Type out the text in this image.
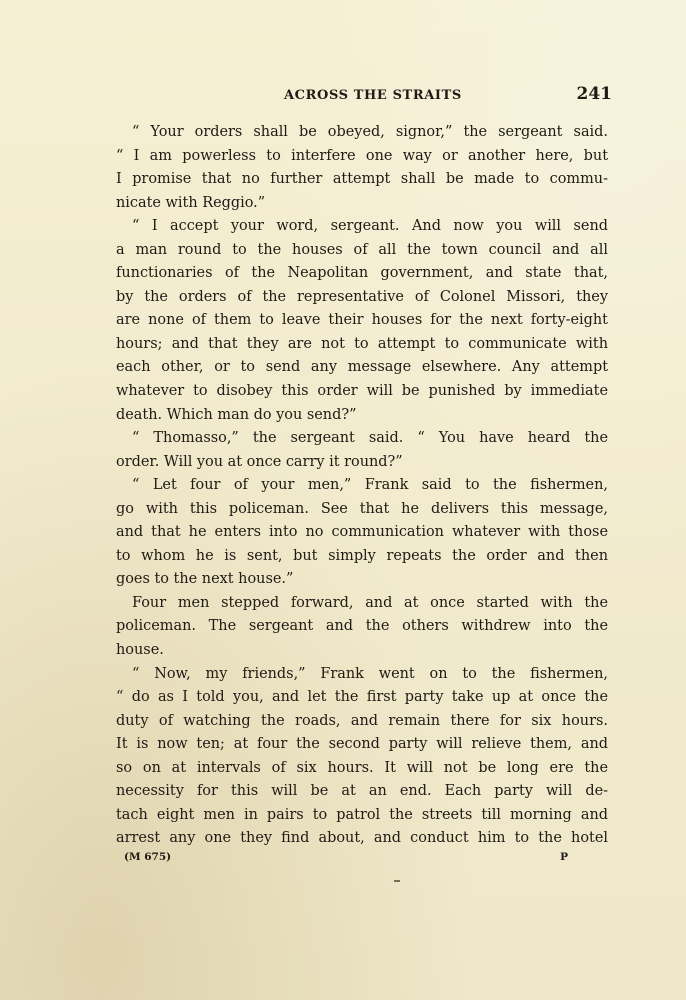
ACROSS THE STRAITS	241
“ Your orders shall be obeyed, signor,” the sergeant said.
“ I am powerless to interfere one way or another here, but
I promise that no further attempt shall be made to commu-
nicate with Reggio.”
“ I accept your word, sergeant. And now you will send
a man round to the houses of all the town council and all
functionaries of the Neapolitan government, and state that,
by the orders of the representative of Colonel Missori, they
are none of them to leave their houses for the next forty-eight
hours; and that they are not to attempt to communicate with
each other, or to send any message elsewhere. Any attempt
whatever to disobey this order will be punished by immediate
death. Which man do you send?”
“ Thomasso,” the sergeant said. “ You have heard the
order. Will you at once carry it round?”
“ Let four of your men,” Frank said to the fishermen,
go with this policeman. See that he delivers this message,
and that he enters into no communication whatever with those
to whom he is sent, but simply repeats the order and then
goes to the next house.”
Four men stepped forward, and at once started with the
policeman. The sergeant and the others withdrew into the
house.
“ Now, my friends,” Frank went on to the fishermen,
“ do as I told you, and let the first party take up at once the
duty of watching the roads, and remain there for six hours.
It is now ten; at four the second party will relieve them, and
so on at intervals of six hours. It will not be long ere the
necessity for this will be at an end. Each party will de-
tach eight men in pairs to patrol the streets till morning and
arrest any one they find about, and conduct him to the hotel
(M 675)	P
